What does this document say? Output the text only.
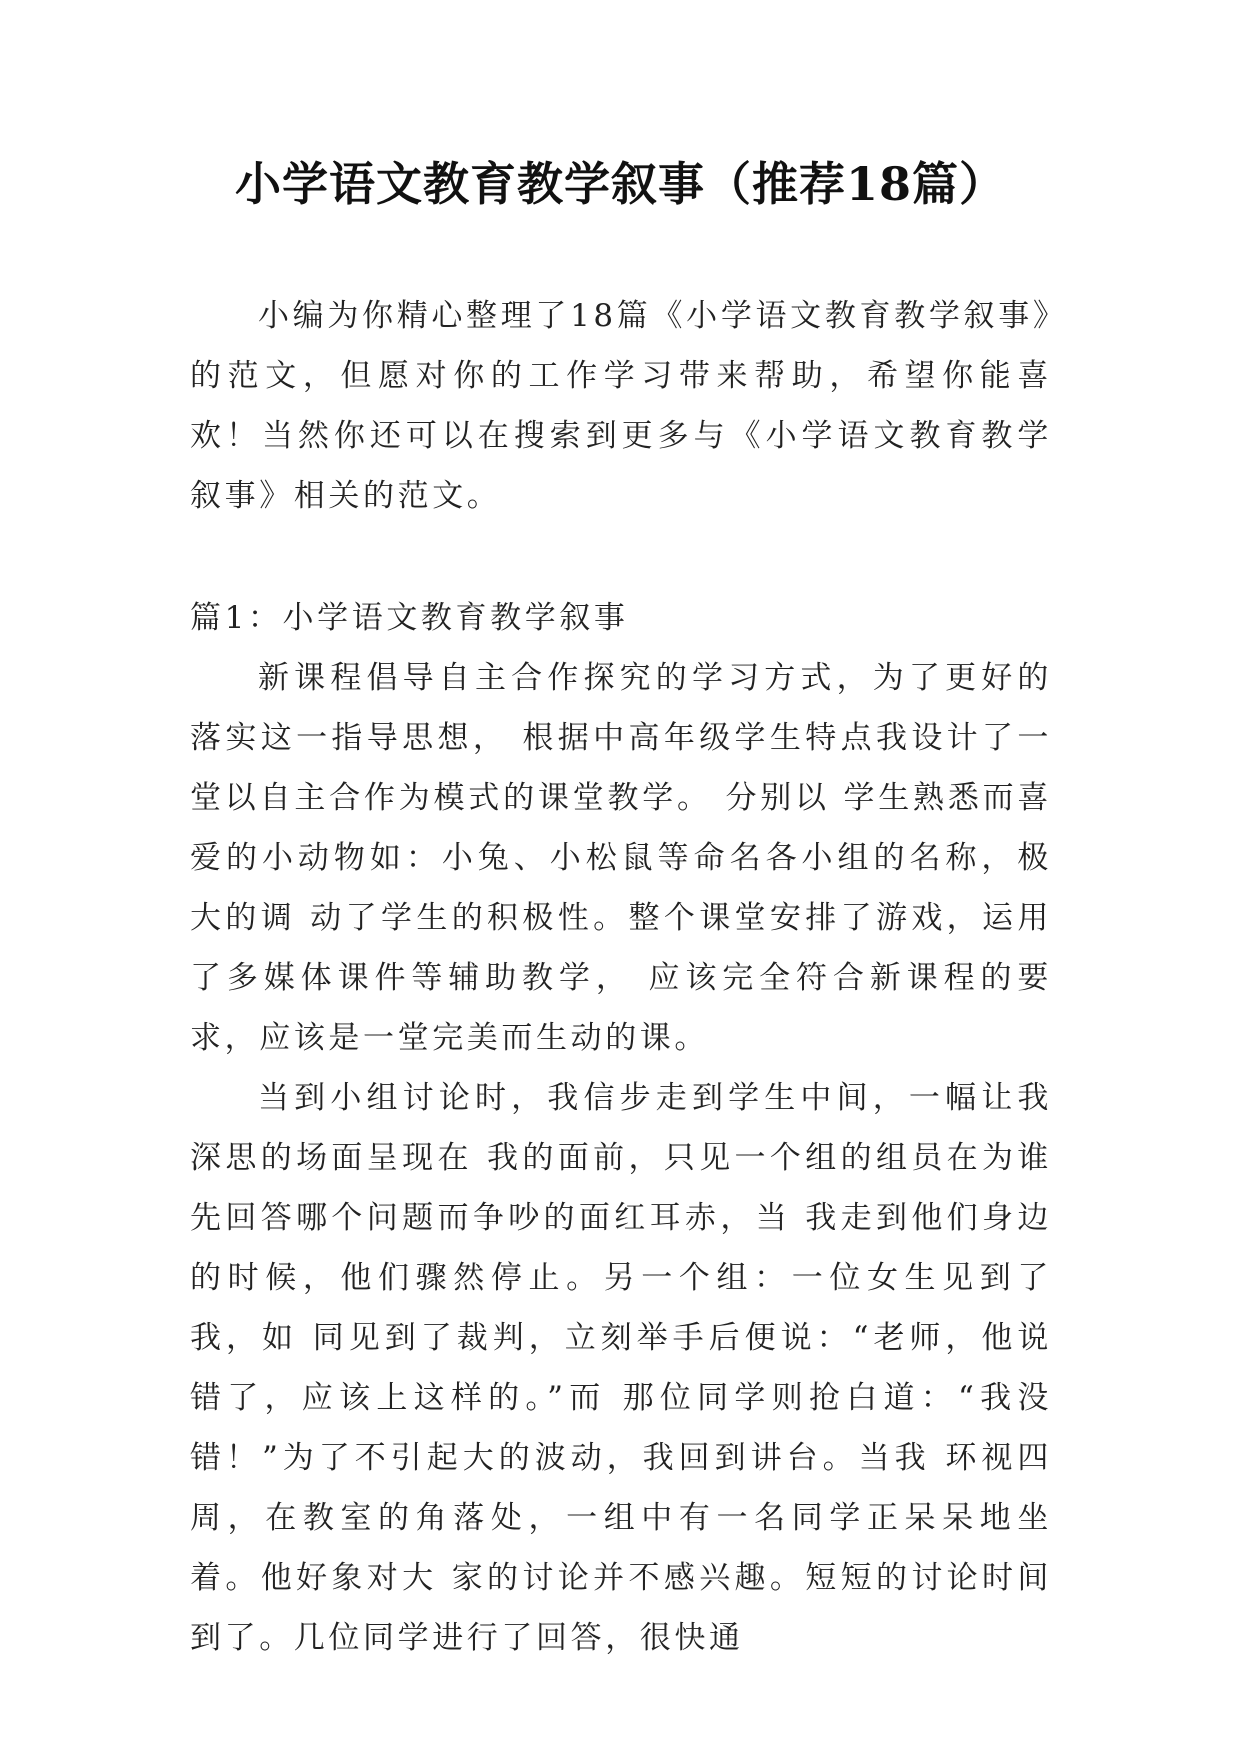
小学语文教育教学叙事（推荐18篇）

小编为你精心整理了18篇《小学语文教育教学叙事》的范文，但愿对你的工作学习带来帮助，希望你能喜欢！当然你还可以在搜索到更多与《小学语文教育教学叙事》相关的范文。

篇1：小学语文教育教学叙事

新课程倡导自主合作探究的学习方式，为了更好的落实这一指导思想， 根据中高年级学生特点我设计了一堂以自主合作为模式的课堂教学。 分别以 学生熟悉而喜爱的小动物如：小兔、小松鼠等命名各小组的名称，极大的调 动了学生的积极性。整个课堂安排了游戏，运用了多媒体课件等辅助教学， 应该完全符合新课程的要求，应该是一堂完美而生动的课。

当到小组讨论时，我信步走到学生中间，一幅让我深思的场面呈现在 我的面前，只见一个组的组员在为谁先回答哪个问题而争吵的面红耳赤，当 我走到他们身边的时候，他们骤然停止。另一个组：一位女生见到了我，如 同见到了裁判，立刻举手后便说：“老师，他说错了，应该上这样的。”而 那位同学则抢白道：“我没错！”为了不引起大的波动，我回到讲台。当我 环视四周，在教室的角落处，一组中有一名同学正呆呆地坐着。他好象对大 家的讨论并不感兴趣。短短的讨论时间到了。几位同学进行了回答，很快通
